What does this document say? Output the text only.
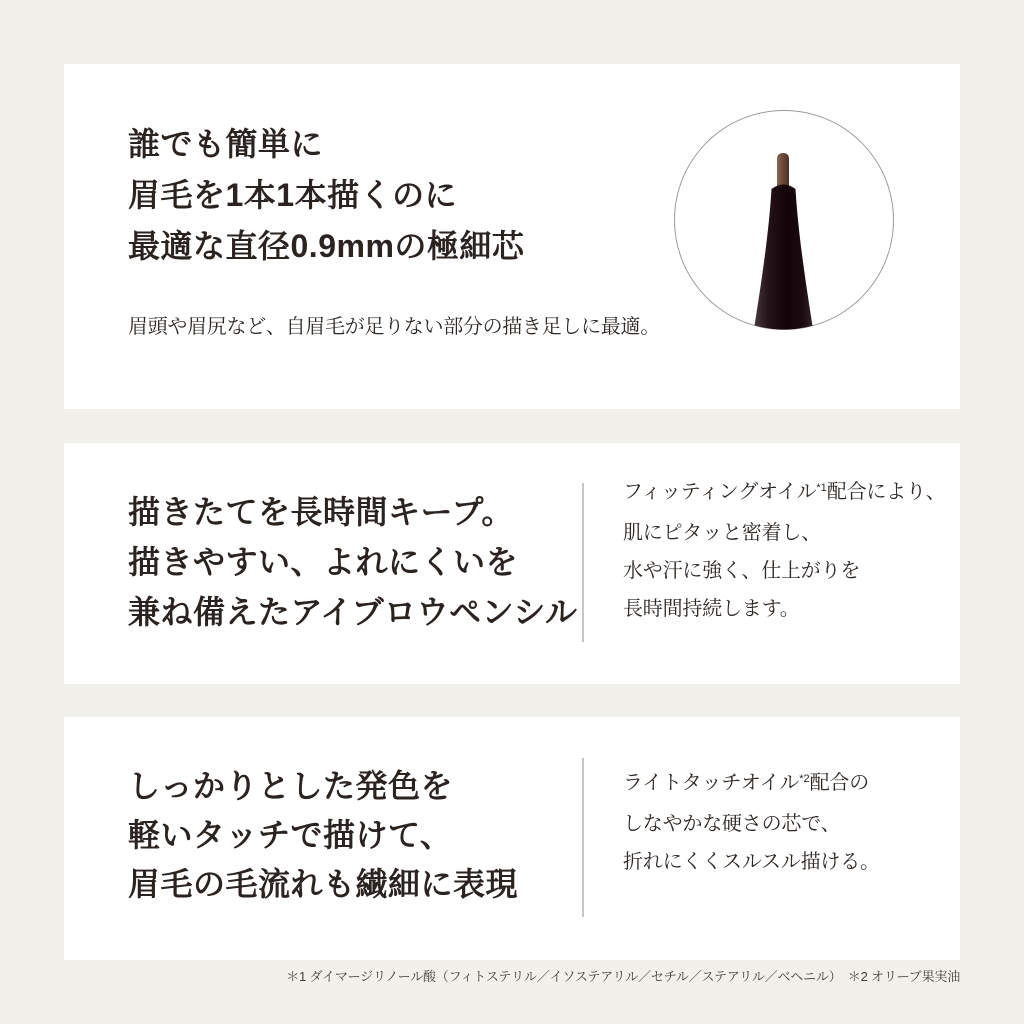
誰でも簡単に
眉毛を1本1本描くのに
最適な直径0.9mmの極細芯
眉頭や眉尻など、自眉毛が足りない部分の描き足しに最適。
描きたてを長時間キープ。
描きやすい、よれにくいを
兼ね備えたアイブロウペンシル
フィッティングオイル$^{*1}$配合により、
肌にピタッと密着し、
水や汗に強く、仕上がりを
長時間持続します。
しっかりとした発色を
軽いタッチで描けて、
眉毛の毛流れも繊細に表現
ライトタッチオイル$^{*2}$配合の
しなやかな硬さの芯で、
折れにくくスルスル描ける。
＊1 ダイマージリノール酸（フィトステリル／イソステアリル／セチル／ステアリル／ベヘニル）　＊2 オリーブ果実油
